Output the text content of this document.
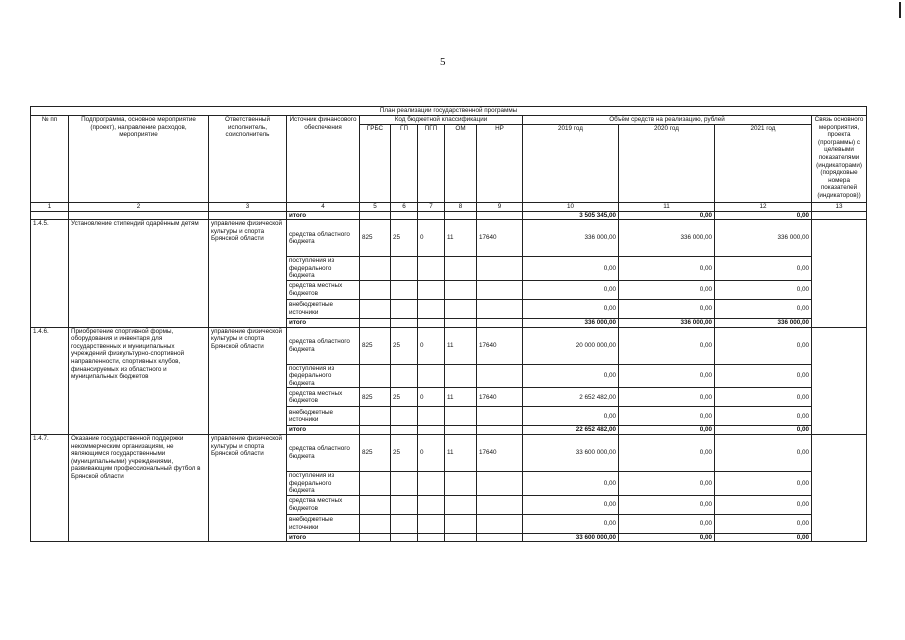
5
План реализации государственной программы												
№ пп	Подпрограмма, основное мероприятие (проект), направление расходов, мероприятие	Ответственный исполнитель, соисполнитель	Источник финансового обеспечения	Код бюджетной классификации					Объём средств на реализацию, рублей			Связь основного мероприятия, проекта (программы) с целевыми показателями (индикаторами) (порядковые номера показателей (индикаторов))
				ГРБС	ГП	ПГП	ОМ	НР	2019 год	2020 год	2021 год	
1	2	3	4	5	6	7	8	9	10	11	12	13
			итого						3 505 345,00	0,00	0,00	
1.4.5.	Установление стипендий одарённым детям	управление физической культуры и спорта Брянской области	средства областного бюджета	825	25	0	11	17640	336 000,00	336 000,00	336 000,00	
			поступления из федерального бюджета						0,00	0,00	0,00	
			средства местных бюджетов						0,00	0,00	0,00	
			внебюджетные источники						0,00	0,00	0,00	
			итого						336 000,00	336 000,00	336 000,00	
1.4.6.	Приобретение спортивной формы, оборудования и инвентаря для государственных и муниципальных учреждений физкультурно-спортивной направленности, спортивных клубов, финансируемых из областного и муниципальных бюджетов	управление физической культуры и спорта Брянской области	средства областного бюджета	825	25	0	11	17640	20 000 000,00	0,00	0,00	
			поступления из федерального бюджета						0,00	0,00	0,00	
			средства местных бюджетов	825	25	0	11	17640	2 652 482,00	0,00	0,00	
			внебюджетные источники						0,00	0,00	0,00	
			итого						22 652 482,00	0,00	0,00	
1.4.7.	Оказание государственной поддержки некоммерческим организациям, не являющимся государственными (муниципальными) учреждениями, развивающим профессиональный футбол в Брянской области	управление физической культуры и спорта Брянской области	средства областного бюджета	825	25	0	11	17640	33 600 000,00	0,00	0,00	
			поступления из федерального бюджета						0,00	0,00	0,00	
			средства местных бюджетов						0,00	0,00	0,00	
			внебюджетные источники						0,00	0,00	0,00	
			итого						33 600 000,00	0,00	0,00	
